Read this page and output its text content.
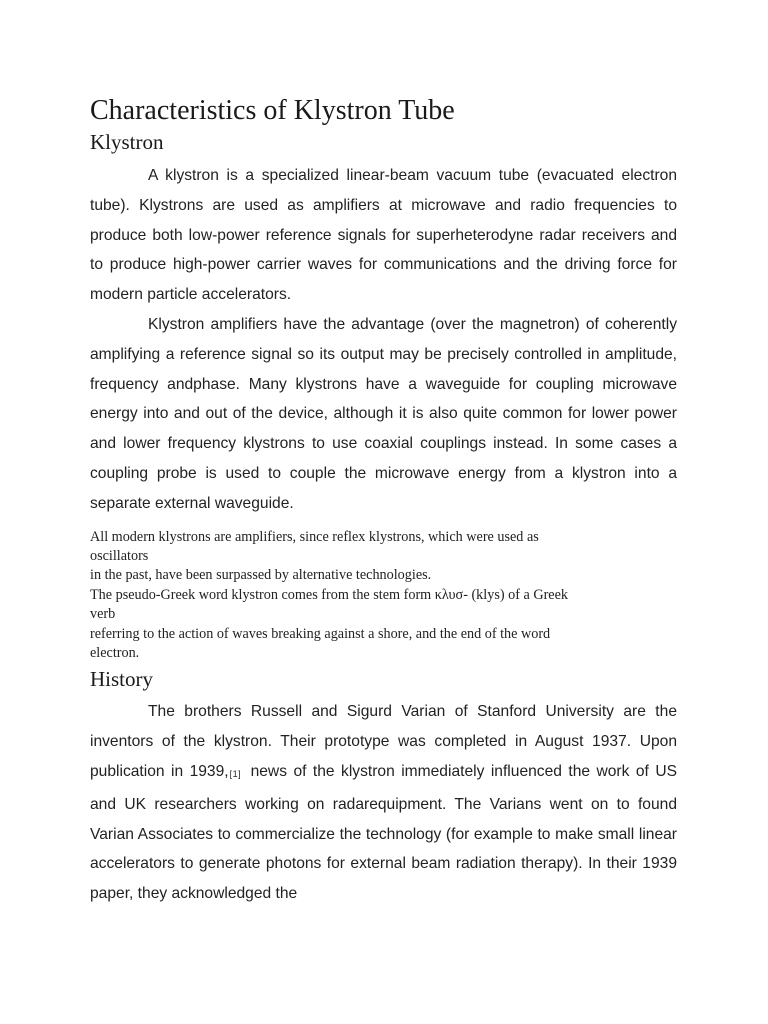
Characteristics of Klystron Tube
Klystron

A klystron is a specialized linear-beam vacuum tube (evacuated electron tube). Klystrons are used as amplifiers at microwave and radio frequencies to produce both low-power reference signals for superheterodyne radar receivers and to produce high-power carrier waves for communications and the driving force for modern particle accelerators.

Klystron amplifiers have the advantage (over the magnetron) of coherently amplifying a reference signal so its output may be precisely controlled in amplitude, frequency andphase. Many klystrons have a waveguide for coupling microwave energy into and out of the device, although it is also quite common for lower power and lower frequency klystrons to use coaxial couplings instead. In some cases a coupling probe is used to couple the microwave energy from a klystron into a separate external waveguide.

All modern klystrons are amplifiers, since reflex klystrons, which were used as
oscillators
in the past, have been surpassed by alternative technologies.
The pseudo-Greek word klystron comes from the stem form κλυσ- (klys) of a Greek
verb
referring to the action of waves breaking against a shore, and the end of the word
electron.
History

The brothers Russell and Sigurd Varian of Stanford University are the inventors of the klystron. Their prototype was completed in August 1937. Upon publication in 1939,[1] news of the klystron immediately influenced the work of US and UK researchers working on radarequipment. The Varians went on to found Varian Associates to commercialize the technology (for example to make small linear accelerators to generate photons for external beam radiation therapy). In their 1939 paper, they acknowledged the
